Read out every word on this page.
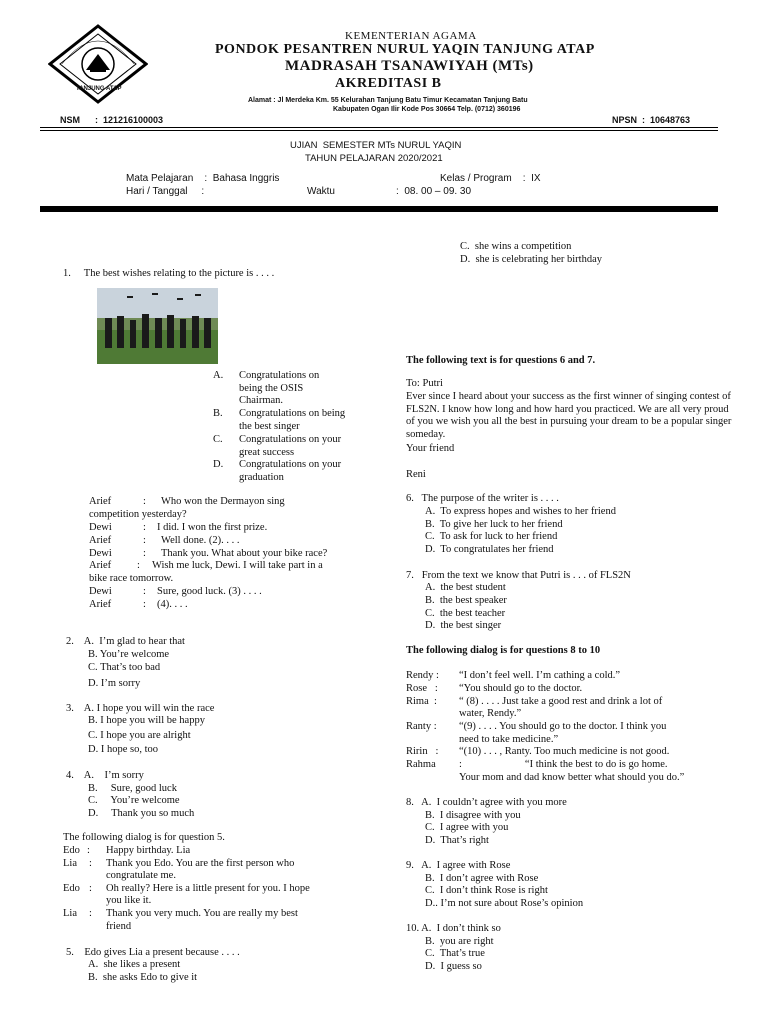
TANJUNG ATAP
KEMENTERIAN AGAMA
PONDOK PESANTREN NURUL YAQIN TANJUNG ATAP
MADRASAH TSANAWIYAH (MTs)
AKREDITASI B
Alamat : Jl Merdeka Km. 55 Kelurahan Tanjung Batu Timur Kecamatan Tanjung Batu
Kabupaten Ogan Ilir Kode Pos 30664 Telp. (0712) 360196
NSM      :  121216100003	NPSN  :  10648763
UJIAN  SEMESTER MTs NURUL YAQIN
TAHUN PELAJARAN 2020/2021
Mata Pelajaran    :  Bahasa Inggris	Kelas / Program    :  IX
Hari / Tanggal     :	Waktu	:  08. 00 – 09. 30
1.     The best wishes relating to the picture is . . . .
A. Congratulations on being the OSIS Chairman.
B. Congratulations on being the best singer
C. Congratulations on your great success
D. Congratulations on your graduation
Arief	: Who won the Dermayon sing
competition yesterday?
Dewi	: I did. I won the first prize.
Arief	: Well done. (2). . . .
Dewi	: Thank you. What about your bike race?
Arief : Wish me luck, Dewi. I will take part in a
bike race tomorrow.
Dewi	: Sure, good luck. (3) . . . .
Arief	: (4). . . .
2.    A.  I’m glad to hear that
B. You’re welcome
C. That’s too bad
D. I’m sorry
3.    A. I hope you will win the race
B. I hope you will be happy
C. I hope you are alright
D. I hope so, too
4.    A.    I’m sorry
B.     Sure, good luck
C.     You’re welcome
D.     Thank you so much
The following dialog is for question 5.
Edo : Happy birthday. Lia
Lia : Thank you Edo. You are the first person who
congratulate me.
Edo : Oh really? Here is a little present for you. I hope
you like it.
Lia : Thank you very much. You are really my best
friend
5.    Edo gives Lia a present because . . . .
A.  she likes a present
B.  she asks Edo to give it
C.  she wins a competition
D.  she is celebrating her birthday
The following text is for questions 6 and 7.
To: Putri
Ever since I heard about your success as the first winner of singing contest of FLS2N. I know how long and how hard you practiced. We are all very proud of you we wish you all the best in pursuing your dream to be a popular singer someday.
Your friend
Reni
6.   The purpose of the writer is . . . .
A.  To express hopes and wishes to her friend
B.  To give her luck to her friend
C.  To ask for luck to her friend
D.  To congratulates her friend
7.   From the text we know that Putri is . . . of FLS2N
A.  the best student
B.  the best speaker
C.  the best teacher
D.  the best singer
The following dialog is for questions 8 to 10
Rendy : “I don’t feel well. I’m cathing a cold.”
Rose   : “You should go to the doctor.
Rima  : “ (8) . . . . Just take a good rest and drink a lot of
water, Rendy.”
Ranty : “(9) . . . . You should go to the doctor. I think you
need to take medicine.”
Ririn   : “(10) . . . , Ranty. Too much medicine is not good.
Rahma :                        “I think the best to do is go home.
Your mom and dad know better what should you do.”
8.   A.  I couldn’t agree with you more
B.  I disagree with you
C.  I agree with you
D.  That’s right
9.   A.  I agree with Rose
B.  I don’t agree with Rose
C.  I don’t think Rose is right
D.. I’m not sure about Rose’s opinion
10. A.  I don’t think so
B.  you are right
C.  That’s true
D.  I guess so
